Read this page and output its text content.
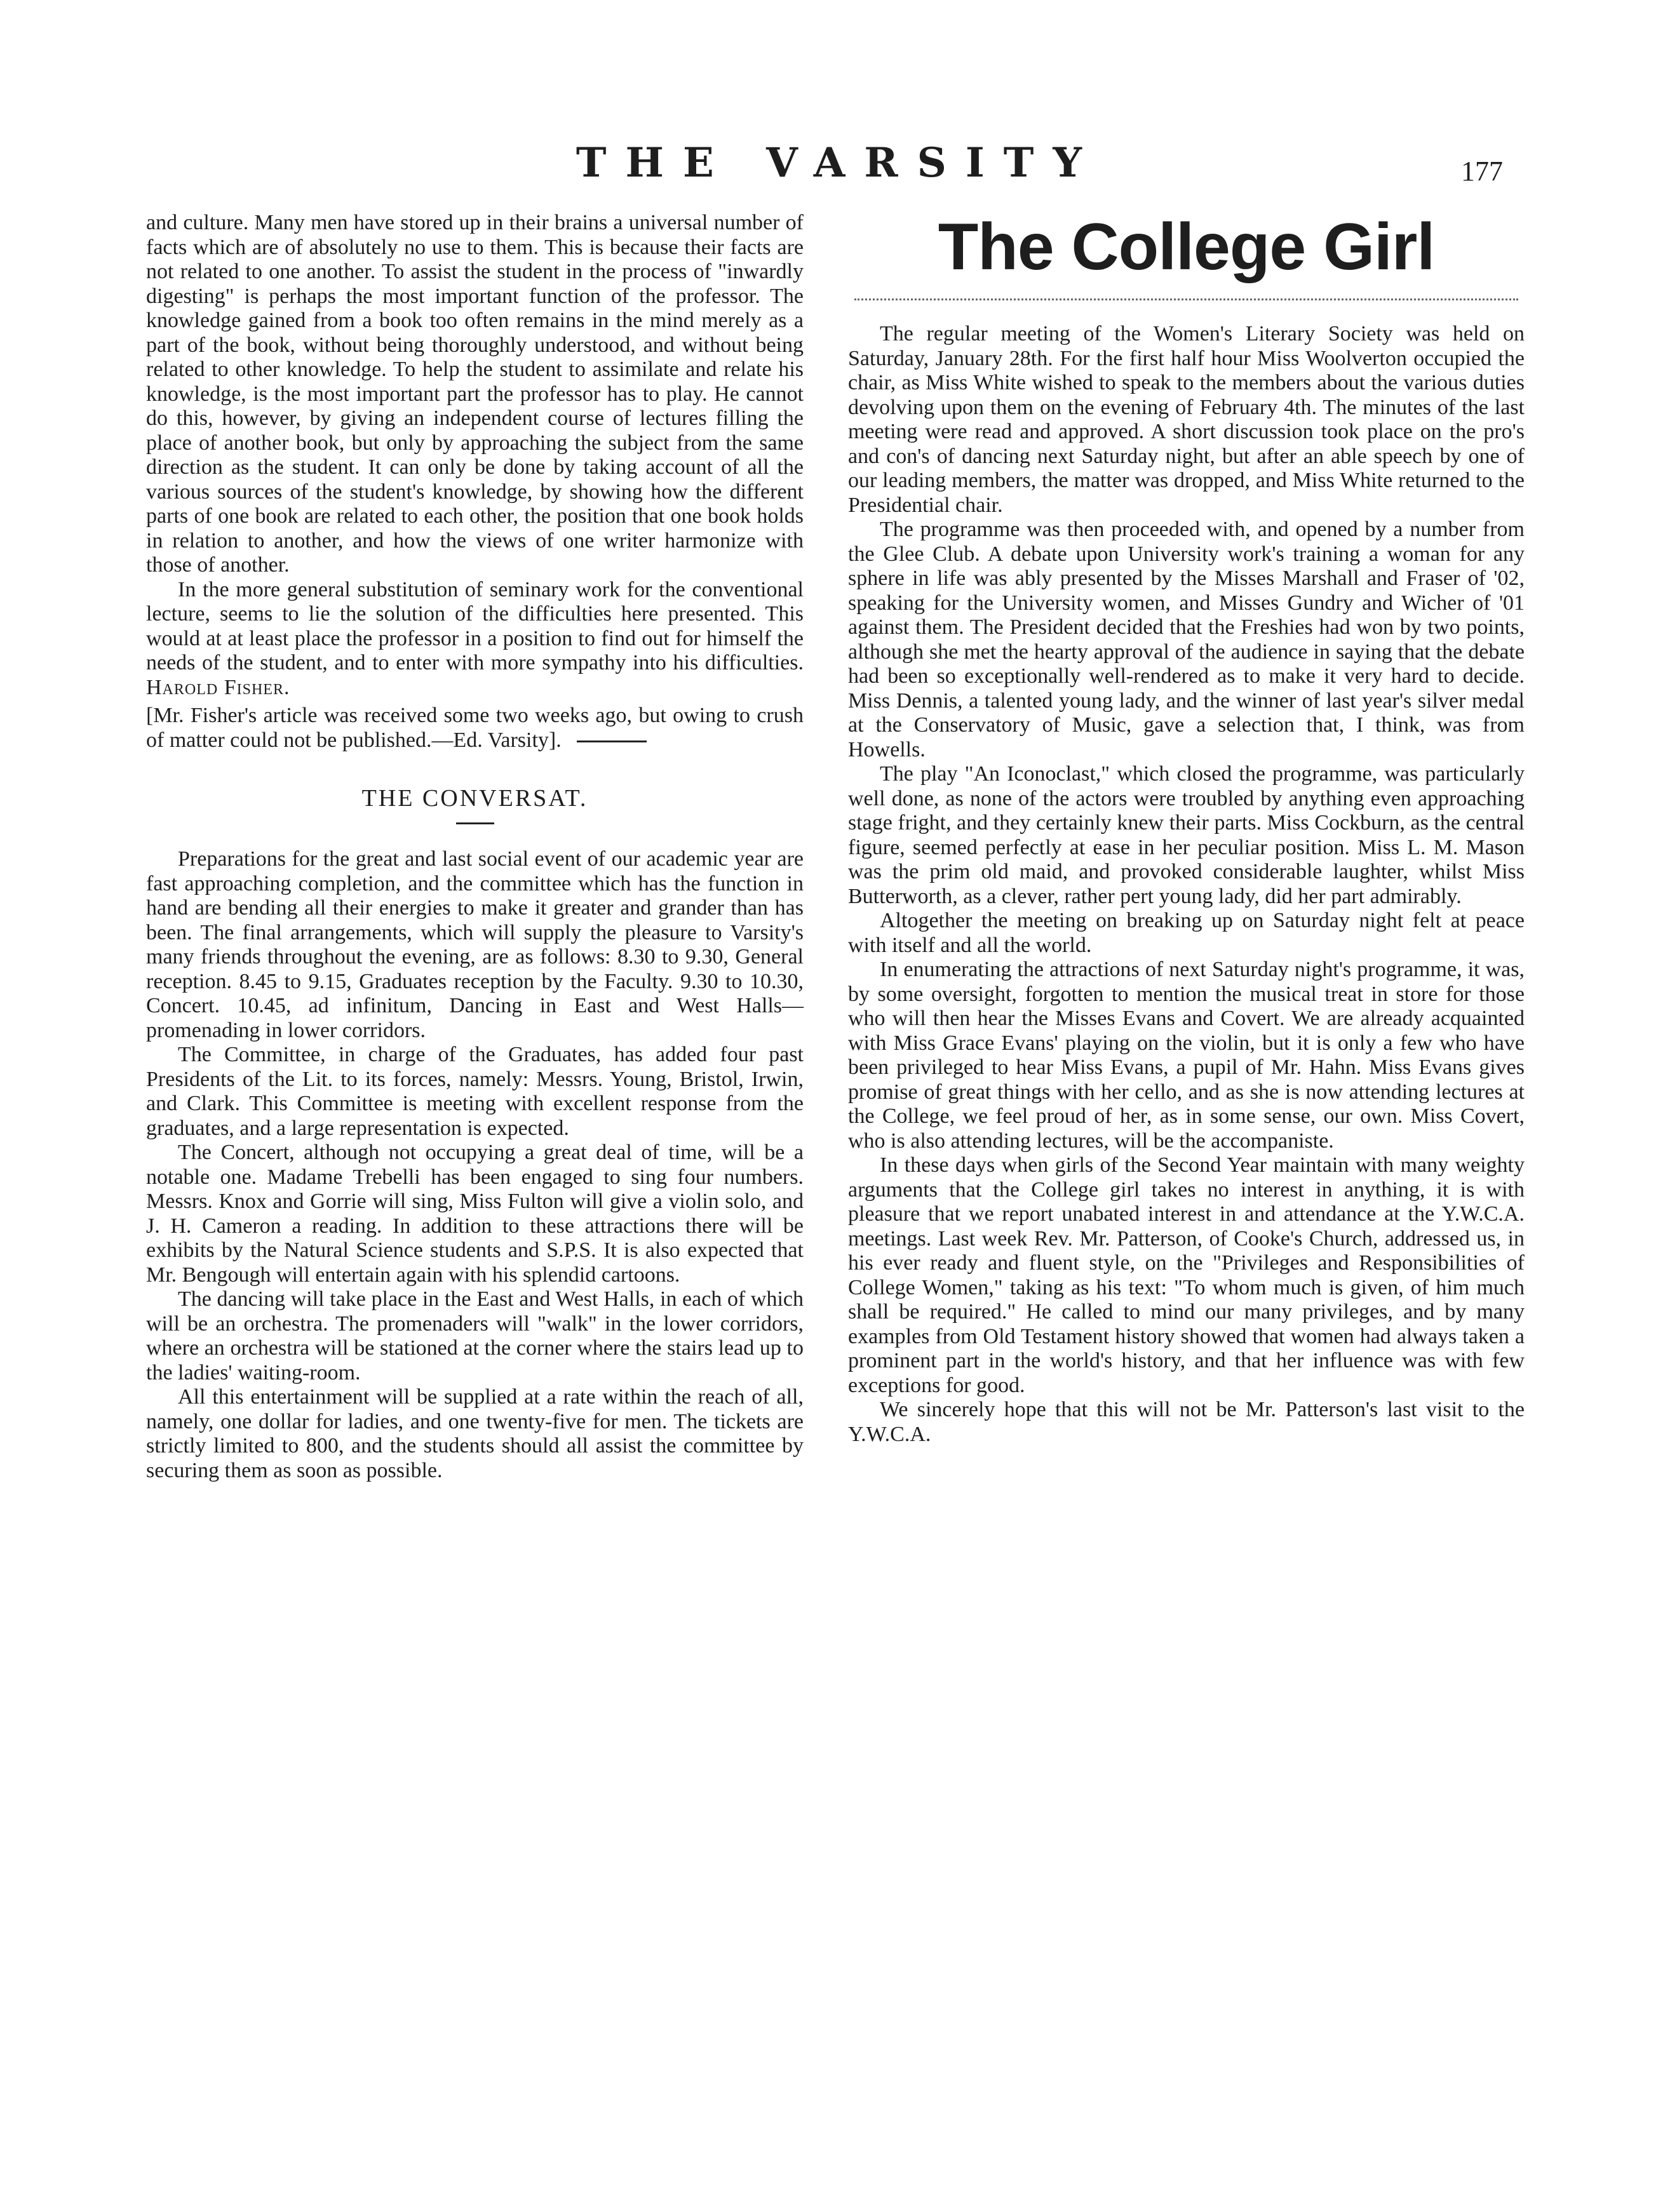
THE VARSITY	177

and culture. Many men have stored up in their brains a universal number of facts which are of absolutely no use to them. This is because their facts are not related to one another. To assist the student in the process of "inwardly digesting" is perhaps the most important function of the professor. The knowledge gained from a book too often remains in the mind merely as a part of the book, without being thoroughly understood, and without being related to other knowledge. To help the student to assimilate and relate his knowledge, is the most important part the professor has to play. He cannot do this, however, by giving an independent course of lectures filling the place of another book, but only by approaching the subject from the same direction as the student. It can only be done by taking account of all the various sources of the student's knowledge, by showing how the different parts of one book are related to each other, the position that one book holds in relation to another, and how the views of one writer harmonize with those of another.

In the more general substitution of seminary work for the conventional lecture, seems to lie the solution of the difficulties here presented. This would at at least place the professor in a position to find out for himself the needs of the student, and to enter with more sympathy into his difficulties. Harold Fisher.

[Mr. Fisher's article was received some two weeks ago, but owing to crush of matter could not be published.—Ed. Varsity].

THE CONVERSAT.

Preparations for the great and last social event of our academic year are fast approaching completion, and the committee which has the function in hand are bending all their energies to make it greater and grander than has been. The final arrangements, which will supply the pleasure to Varsity's many friends throughout the evening, are as follows: 8.30 to 9.30, General reception. 8.45 to 9.15, Graduates reception by the Faculty. 9.30 to 10.30, Concert. 10.45, ad infinitum, Dancing in East and West Halls—promenading in lower corridors.

The Committee, in charge of the Graduates, has added four past Presidents of the Lit. to its forces, namely: Messrs. Young, Bristol, Irwin, and Clark. This Committee is meeting with excellent response from the graduates, and a large representation is expected.

The Concert, although not occupying a great deal of time, will be a notable one. Madame Trebelli has been engaged to sing four numbers. Messrs. Knox and Gorrie will sing, Miss Fulton will give a violin solo, and J. H. Cameron a reading. In addition to these attractions there will be exhibits by the Natural Science students and S.P.S. It is also expected that Mr. Bengough will entertain again with his splendid cartoons.

The dancing will take place in the East and West Halls, in each of which will be an orchestra. The promenaders will "walk" in the lower corridors, where an orchestra will be stationed at the corner where the stairs lead up to the ladies' waiting-room.

All this entertainment will be supplied at a rate within the reach of all, namely, one dollar for ladies, and one twenty-five for men. The tickets are strictly limited to 800, and the students should all assist the committee by securing them as soon as possible.

The College Girl

The regular meeting of the Women's Literary Society was held on Saturday, January 28th. For the first half hour Miss Woolverton occupied the chair, as Miss White wished to speak to the members about the various duties devolving upon them on the evening of February 4th. The minutes of the last meeting were read and approved. A short discussion took place on the pro's and con's of dancing next Saturday night, but after an able speech by one of our leading members, the matter was dropped, and Miss White returned to the Presidential chair.

The programme was then proceeded with, and opened by a number from the Glee Club. A debate upon University work's training a woman for any sphere in life was ably presented by the Misses Marshall and Fraser of '02, speaking for the University women, and Misses Gundry and Wicher of '01 against them. The President decided that the Freshies had won by two points, although she met the hearty approval of the audience in saying that the debate had been so exceptionally well-rendered as to make it very hard to decide. Miss Dennis, a talented young lady, and the winner of last year's silver medal at the Conservatory of Music, gave a selection that, I think, was from Howells.

The play "An Iconoclast," which closed the programme, was particularly well done, as none of the actors were troubled by anything even approaching stage fright, and they certainly knew their parts. Miss Cockburn, as the central figure, seemed perfectly at ease in her peculiar position. Miss L. M. Mason was the prim old maid, and provoked considerable laughter, whilst Miss Butterworth, as a clever, rather pert young lady, did her part admirably.

Altogether the meeting on breaking up on Saturday night felt at peace with itself and all the world.

In enumerating the attractions of next Saturday night's programme, it was, by some oversight, forgotten to mention the musical treat in store for those who will then hear the Misses Evans and Covert. We are already acquainted with Miss Grace Evans' playing on the violin, but it is only a few who have been privileged to hear Miss Evans, a pupil of Mr. Hahn. Miss Evans gives promise of great things with her cello, and as she is now attending lectures at the College, we feel proud of her, as in some sense, our own. Miss Covert, who is also attending lectures, will be the accompaniste.

In these days when girls of the Second Year maintain with many weighty arguments that the College girl takes no interest in anything, it is with pleasure that we report unabated interest in and attendance at the Y.W.C.A. meetings. Last week Rev. Mr. Patterson, of Cooke's Church, addressed us, in his ever ready and fluent style, on the "Privileges and Responsibilities of College Women," taking as his text: "To whom much is given, of him much shall be required." He called to mind our many privileges, and by many examples from Old Testament history showed that women had always taken a prominent part in the world's history, and that her influence was with few exceptions for good.

We sincerely hope that this will not be Mr. Patterson's last visit to the Y.W.C.A.
